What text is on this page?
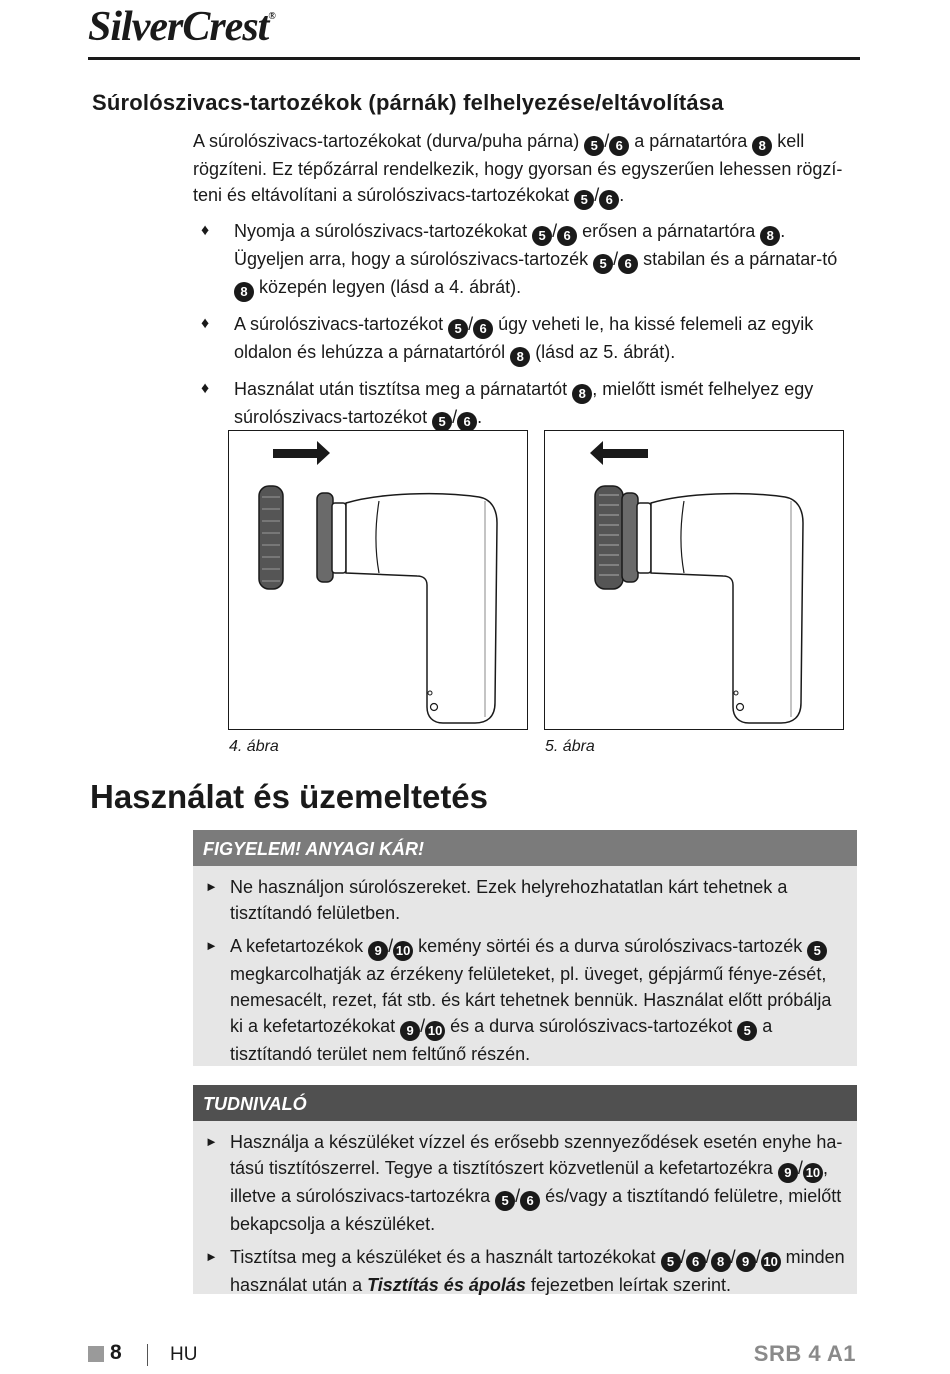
SilverCrest®
Súrolószivacs-tartozékok (párnák) felhelyezése/eltávolítása
A súrolószivacs-tartozékokat (durva/puha párna) 5 / 6 a párnatartóra 8 kell rögzíteni. Ez tépőzárral rendelkezik, hogy gyorsan és egyszerűen lehessen rögzí-teni és eltávolítani a súrolószivacs-tartozékokat 5 / 6 .
♦ Nyomja a súrolószivacs-tartozékokat 5 / 6 erősen a párnatartóra 8 . Ügyeljen arra, hogy a súrolószivacs-tartozék 5 / 6 stabilan és a párnatar-tó 8 közepén legyen (lásd a 4. ábrát).
♦ A súrolószivacs-tartozékot 5 / 6 úgy veheti le, ha kissé felemeli az egyik oldalon és lehúzza a párnatartóról 8 (lásd az 5. ábrát).
♦ Használat után tisztítsa meg a párnatartót 8 , mielőtt ismét felhelyez egy súrolószivacs-tartozékot 5 / 6 .
4. ábra	5. ábra
Használat és üzemeltetés
FIGYELEM! ANYAGI KÁR!
► Ne használjon súrolószereket. Ezek helyrehozhatatlan kárt tehetnek a tisztítandó felületben.
► A kefetartozékok 9 / 10 kemény sörtéi és a durva súrolószivacs-tartozék 5 megkarcolhatják az érzékeny felületeket, pl. üveget, gépjármű fénye-zését, nemesacélt, rezet, fát stb. és kárt tehetnek bennük. Használat előtt próbálja ki a kefetartozékokat 9 / 10 és a durva súrolószivacs-tartozékot 5 a tisztítandó terület nem feltűnő részén.
TUDNIVALÓ
► Használja a készüléket vízzel és erősebb szennyeződések esetén enyhe ha-tású tisztítószerrel. Tegye a tisztítószert közvetlenül a kefetartozékra 9 / 10 , illetve a súrolószivacs-tartozékra 5 / 6 és/vagy a tisztítandó felületre, mielőtt bekapcsolja a készüléket.
► Tisztítsa meg a készüléket és a használt tartozékokat 5 / 6 / 8 / 9 / 10 minden használat után a Tisztítás és ápolás fejezetben leírtak szerint.
8	HU	SRB 4 A1
